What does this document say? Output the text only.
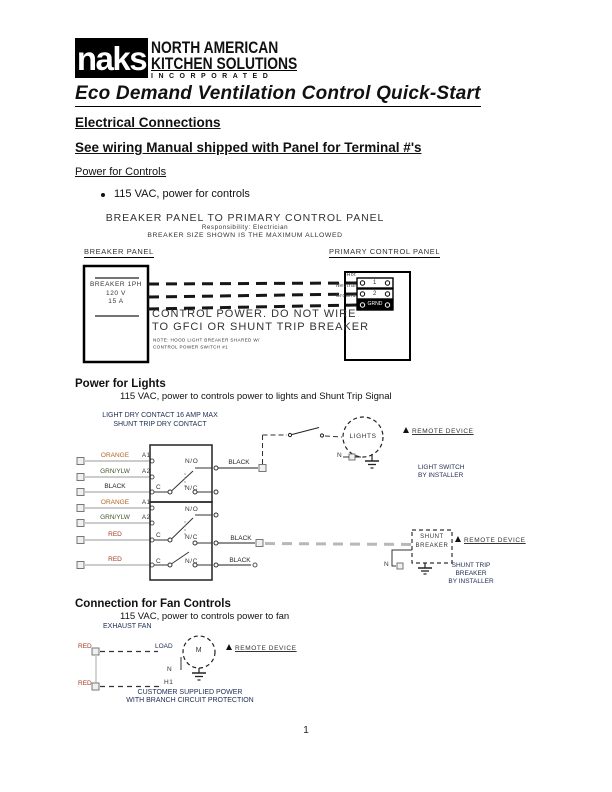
naks NORTH AMERICAN
KITCHEN SOLUTIONS
INCORPORATED
Eco Demand Ventilation Control Quick-Start
Electrical Connections
See wiring Manual shipped with Panel for Terminal #'s
Power for Controls
115 VAC, power for controls
BREAKER PANEL TO PRIMARY CONTROL PANEL
Responsibility: Electrician
BREAKER SIZE SHOWN IS THE MAXIMUM ALLOWED
BREAKER PANEL	PRIMARY CONTROL PANEL
BREAKER 1PH
120 V
15 A
CONTROL POWER. DO NOT WIRE
TO GFCI OR SHUNT TRIP BREAKER
NOTE: HOOD LIGHT BREAKER SHARED W/
CONTROL POWER SWITCH #1
Hot
Neutral
Ground
1
2
GRND
Power for Lights
115 VAC, power to controls power to lights and Shunt Trip Signal
LIGHT DRY CONTACT 16 AMP MAX
SHUNT TRIP DRY CONTACT
ORANGE
GRN/YLW
BLACK
ORANGE
GRN/YLW
RED
RED
A1
A2
A1
A2
C
N/O
N/C
N/O
C	N/C
C	N/C
BLACK
BLACK
BLACK
LIGHTS
N
REMOTE DEVICE
LIGHT SWITCH
BY INSTALLER
SHUNT
BREAKER
REMOTE DEVICE
N	SHUNT TRIP
BREAKER
BY INSTALLER
Connection for Fan Controls
115 VAC, power to controls power to fan
EXHAUST FAN
RED	LOAD
M	REMOTE DEVICE
N
H1
RED
CUSTOMER SUPPLIED POWER
WITH BRANCH CIRCUIT PROTECTION
1
